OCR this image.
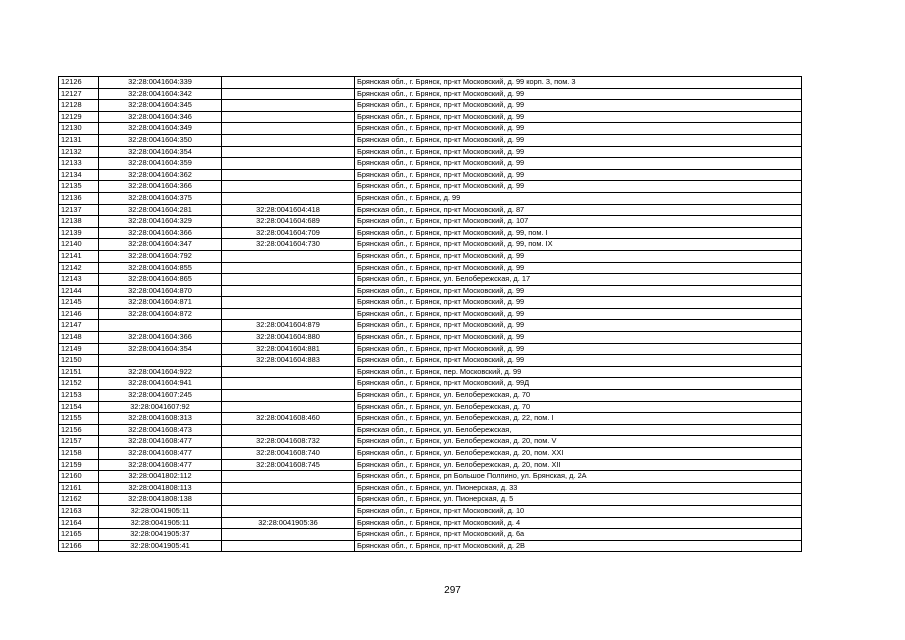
12126	32:28:0041604:339		Брянская обл., г. Брянск, пр-кт Московский, д. 99 корп. 3, пом. 3
12127	32:28:0041604:342		Брянская обл., г. Брянск, пр-кт Московский, д. 99
12128	32:28:0041604:345		Брянская обл., г. Брянск, пр-кт Московский, д. 99
12129	32:28:0041604:346		Брянская обл., г. Брянск, пр-кт Московский, д. 99
12130	32:28:0041604:349		Брянская обл., г. Брянск, пр-кт Московский, д. 99
12131	32:28:0041604:350		Брянская обл., г. Брянск, пр-кт Московский, д. 99
12132	32:28:0041604:354		Брянская обл., г. Брянск, пр-кт Московский, д. 99
12133	32:28:0041604:359		Брянская обл., г. Брянск, пр-кт Московский, д. 99
12134	32:28:0041604:362		Брянская обл., г. Брянск, пр-кт Московский, д. 99
12135	32:28:0041604:366		Брянская обл., г. Брянск, пр-кт Московский, д. 99
12136	32:28:0041604:375		Брянская обл., г. Брянск, д. 99
12137	32:28:0041604:281	32:28:0041604:418	Брянская обл., г. Брянск, пр-кт Московский, д. 87
12138	32:28:0041604:329	32:28:0041604:689	Брянская обл., г. Брянск, пр-кт Московский, д. 107
12139	32:28:0041604:366	32:28:0041604:709	Брянская обл., г. Брянск, пр-кт Московский, д. 99, пом. I
12140	32:28:0041604:347	32:28:0041604:730	Брянская обл., г. Брянск, пр-кт Московский, д. 99, пом. IX
12141	32:28:0041604:792		Брянская обл., г. Брянск, пр-кт Московский, д. 99
12142	32:28:0041604:855		Брянская обл., г. Брянск, пр-кт Московский, д. 99
12143	32:28:0041604:865		Брянская обл., г. Брянск, ул. Белобережская, д. 17
12144	32:28:0041604:870		Брянская обл., г. Брянск, пр-кт Московский, д. 99
12145	32:28:0041604:871		Брянская обл., г. Брянск, пр-кт Московский, д. 99
12146	32:28:0041604:872		Брянская обл., г. Брянск, пр-кт Московский, д. 99
12147		32:28:0041604:879	Брянская обл., г. Брянск, пр-кт Московский, д. 99
12148	32:28:0041604:366	32:28:0041604:880	Брянская обл., г. Брянск, пр-кт Московский, д. 99
12149	32:28:0041604:354	32:28:0041604:881	Брянская обл., г. Брянск, пр-кт Московский, д. 99
12150		32:28:0041604:883	Брянская обл., г. Брянск, пр-кт Московский, д. 99
12151	32:28:0041604:922		Брянская обл., г. Брянск, пер. Московский, д. 99
12152	32:28:0041604:941		Брянская обл., г. Брянск, пр-кт Московский, д. 99Д
12153	32:28:0041607:245		Брянская обл., г. Брянск, ул. Белобережская, д. 70
12154	32:28:0041607:92		Брянская обл., г. Брянск, ул. Белобережская, д. 70
12155	32:28:0041608:313	32:28:0041608:460	Брянская обл., г. Брянск, ул. Белобережская, д. 22, пом. I
12156	32:28:0041608:473		Брянская обл., г. Брянск, ул. Белобережская,
12157	32:28:0041608:477	32:28:0041608:732	Брянская обл., г. Брянск, ул. Белобережская, д. 20, пом. V
12158	32:28:0041608:477	32:28:0041608:740	Брянская обл., г. Брянск, ул. Белобережская, д. 20, пом. XXI
12159	32:28:0041608:477	32:28:0041608:745	Брянская обл., г. Брянск, ул. Белобережская, д. 20, пом. XII
12160	32:28:0041802:112		Брянская обл., г. Брянск, рп Большое Полпино, ул. Брянская, д. 2А
12161	32:28:0041808:113		Брянская обл., г. Брянск, ул. Пионерская, д. 33
12162	32:28:0041808:138		Брянская обл., г. Брянск, ул. Пионерская, д. 5
12163	32:28:0041905:11		Брянская обл., г. Брянск, пр-кт Московский, д. 10
12164	32:28:0041905:11	32:28:0041905:36	Брянская обл., г. Брянск, пр-кт Московский, д. 4
12165	32:28:0041905:37		Брянская обл., г. Брянск, пр-кт Московский, д. 6а
12166	32:28:0041905:41		Брянская обл., г. Брянск, пр-кт Московский, д. 2В
297
